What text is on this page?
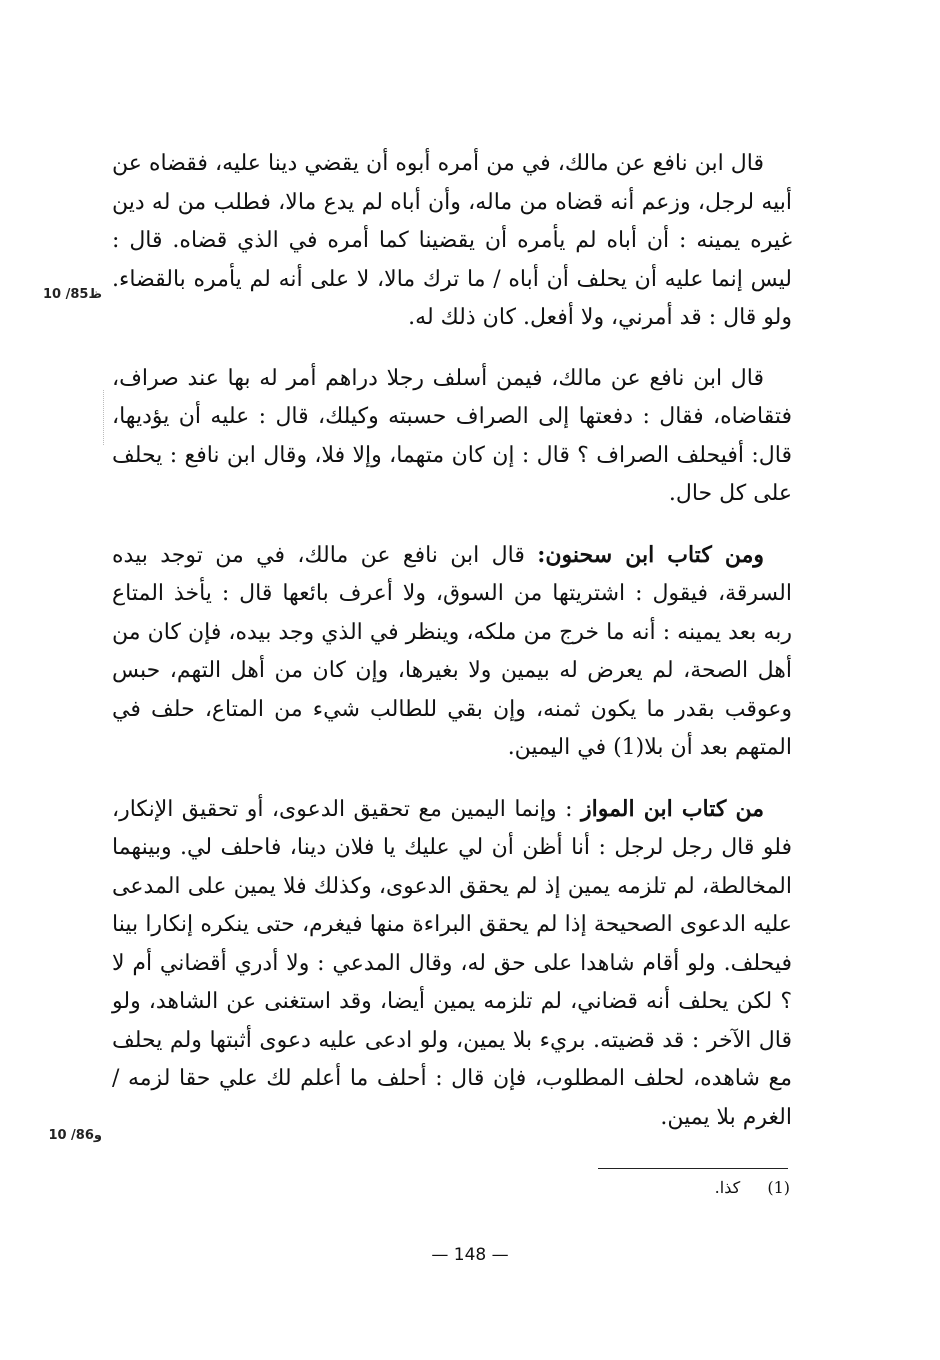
10 /85ظ
10 /86و

قال ابن نافع عن مالك، في من أمره أبوه أن يقضي دينا عليه، فقضاه عن أبيه لرجل، وزعم أنه قضاه من ماله، وأن أباه لم يدع مالا، فطلب من له دين غيره يمينه : أن أباه لم يأمره أن يقضينا كما أمره في الذي قضاه. قال : ليس إنما عليه أن يحلف أن أباه / ما ترك مالا، لا على أنه لم يأمره بالقضاء. ولو قال : قد أمرني، ولا أفعل. كان ذلك له.

قال ابن نافع عن مالك، فيمن أسلف رجلا دراهم أمر له بها عند صراف، فتقاضاه، فقال : دفعتها إلى الصراف حسبته وكيلك، قال : عليه أن يؤديها، قال: أفيحلف الصراف ؟ قال : إن كان متهما، وإلا فلا، وقال ابن نافع : يحلف على كل حال.

ومن كتاب ابن سحنون: قال ابن نافع عن مالك، في من توجد بيده السرقة، فيقول : اشتريتها من السوق، ولا أعرف بائعها قال : يأخذ المتاع ربه بعد يمينه : أنه ما خرج من ملكه، وينظر في الذي وجد بيده، فإن كان من أهل الصحة، لم يعرض له بيمين ولا بغيرها، وإن كان من أهل التهم، حبس وعوقب بقدر ما يكون ثمنه، وإن بقي للطالب شيء من المتاع، حلف في المتهم بعد أن بلا(1) في اليمين.

من كتاب ابن المواز : وإنما اليمين مع تحقيق الدعوى، أو تحقيق الإنكار، فلو قال رجل لرجل : أنا أظن أن لي عليك يا فلان دينا، فاحلف لي. وبينهما المخالطة، لم تلزمه يمين إذ لم يحقق الدعوى، وكذلك فلا يمين على المدعى عليه الدعوى الصحيحة إذا لم يحقق البراءة منها فيغرم، حتى ينكره إنكارا بينا فيحلف. ولو أقام شاهدا على حق له، وقال المدعي : ولا أدري أقضاني أم لا ؟ لكن يحلف أنه قضاني، لم تلزمه يمين أيضا، وقد استغنى عن الشاهد، ولو قال الآخر : قد قضيته. بريء بلا يمين، ولو ادعى عليه دعوى أثبتها ولم يحلف مع شاهده، لحلف المطلوب، فإن قال : أحلف ما أعلم لك علي حقا لزمه / الغرم بلا يمين.

(1) كذا.
— 148 —
